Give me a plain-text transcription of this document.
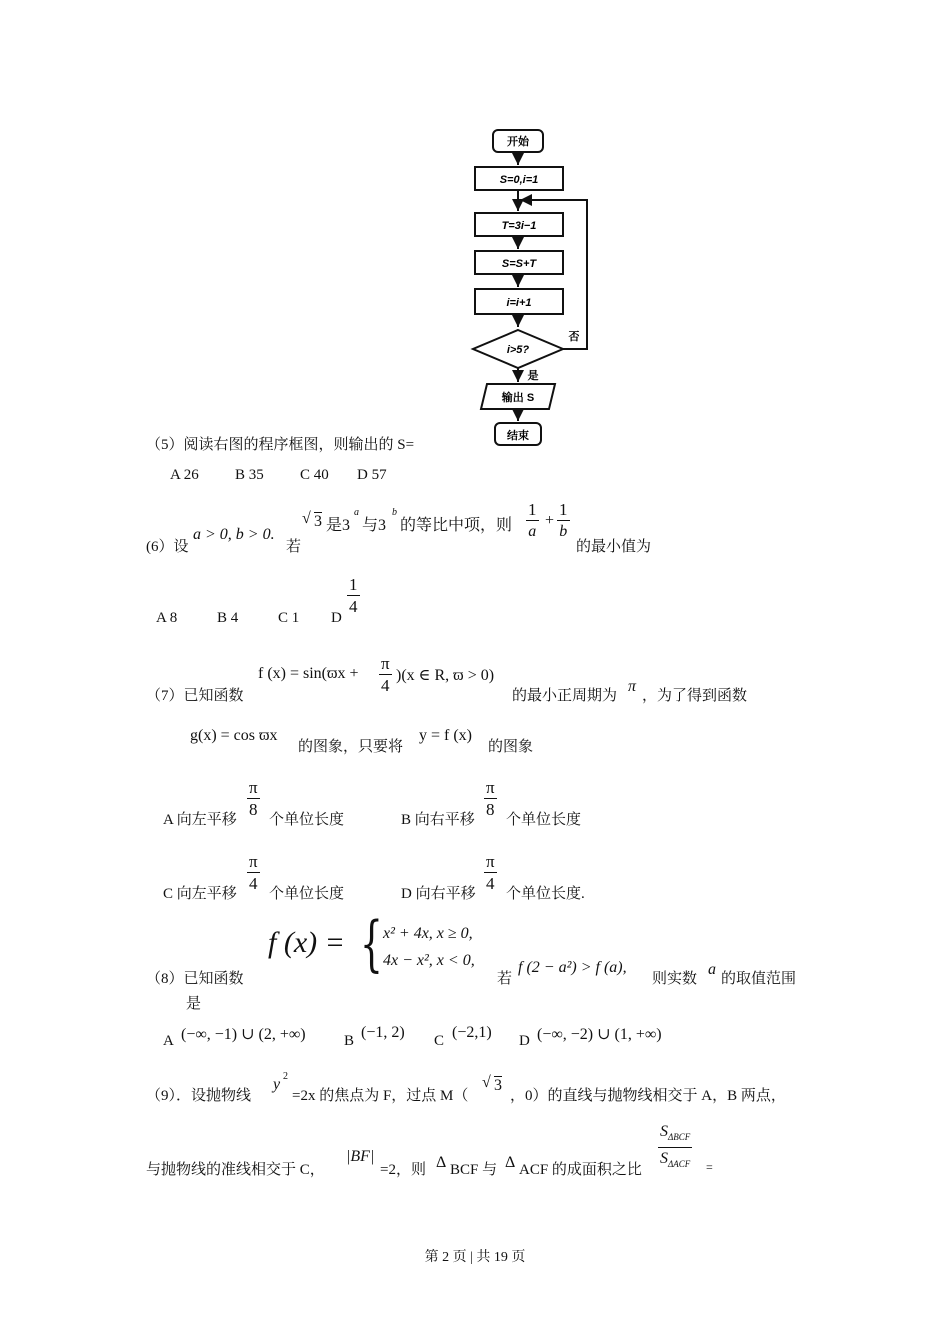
开始
S=0,i=1
T=3i−1
S=S+T
i=i+1
i>5?
否
是
输出 S
结束
（5）阅读右图的程序框图，则输出的 S=
A 26 B 35 C 40 D 57
(6）设
a > 0, b > 0.
若
√ 3 是3
a
与3
b
的等比中项，则 $\frac{1}{a} + \frac{1}{b}$
的最小值为
A 8	B 4	C 1 D $\frac{1}{4}$
（7）已知函数
f $(x) = \sin(ϖx + \frac{\pi}{4} )(x$ ∈ R, ϖ > 0)
的最小正周期为
π
，为了得到函数
g(x) = cos ϖx
的图象，只要将
y = f (x)
的图象
A 向左平移 $\frac{\pi}{8}$ 个单位长度	B 向右平移 $\frac{\pi}{8}$ 个单位长度
C 向左平移 $\frac{\pi}{4}$ 个单位长度	D 向右平移 $\frac{\pi}{4}$ 个单位长度.
（8）已知函数
是
f (x) = { x² + 4x, x ≥ 0,
4x − x², x < 0,
若
f (2 − a²) > f (a),
则实数
a
的取值范围
A (−∞, −1) ∪ (2, +∞)	B (−1, 2) C (−2,1) D (−∞, −2) ∪ (1, +∞)
（9）．设抛物线
y 2
=2x 的焦点为 F，过点 M（
√ 3
，0）的直线与抛物线相交于 A，B 两点，
与抛物线的准线相交于 C，
|BF|
=2，则 Δ BCF 与 Δ ACF 的成面积之比
$S_{\Delta BCF}$
$S_{\Delta ACF}$ =
第 2 页 | 共 19 页
